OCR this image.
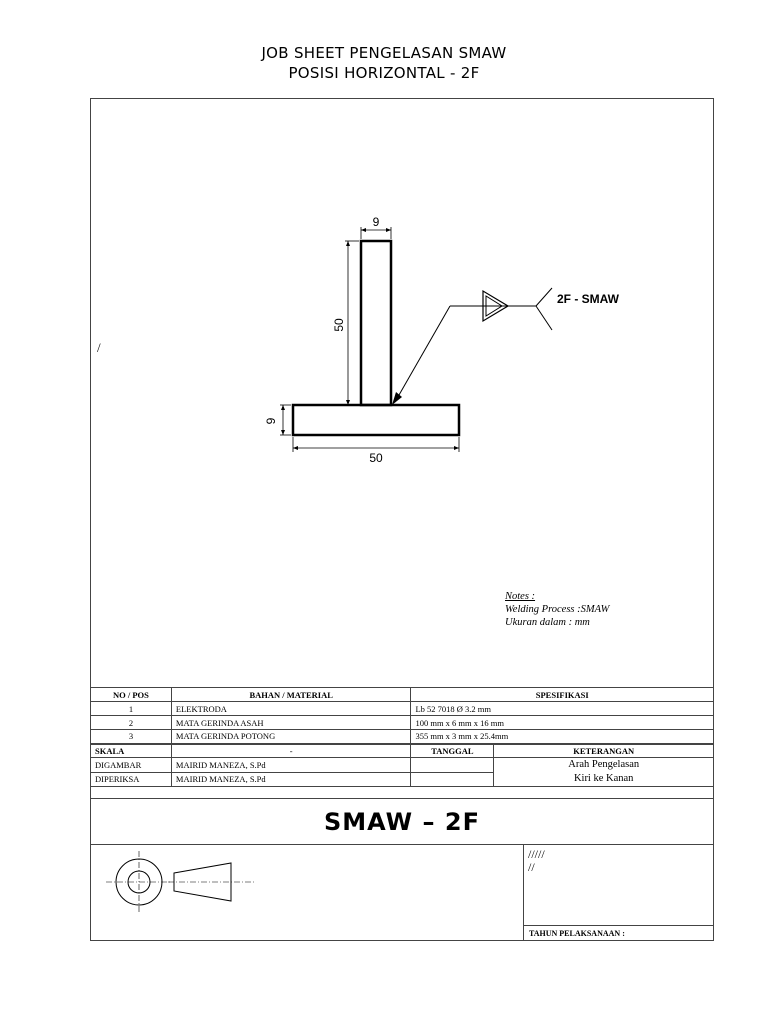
JOB SHEET PENGELASAN SMAW
POSISI HORIZONTAL - 2F
9
50
9
50
2F - SMAW
/
Notes :
Welding Process :SMAW
Ukuran dalam : mm
NO / POS	BAHAN / MATERIAL	SPESIFIKASI	
1	ELEKTRODA	Lb 52 7018 Ø 3.2 mm	
2	MATA GERINDA ASAH	100 mm x 6 mm x 16 mm	
3	MATA GERINDA POTONG	355 mm x 3 mm x 25.4mm	
SKALA	-	TANGGAL	KETERANGAN
DIGAMBAR	MAIRID MANEZA, S.Pd		Arah Pengelasan
Kiri ke Kanan

DIPERIKSA	MAIRID MANEZA, S.Pd		
SMAW – 2F
/////
//
TAHUN PELAKSANAAN :
